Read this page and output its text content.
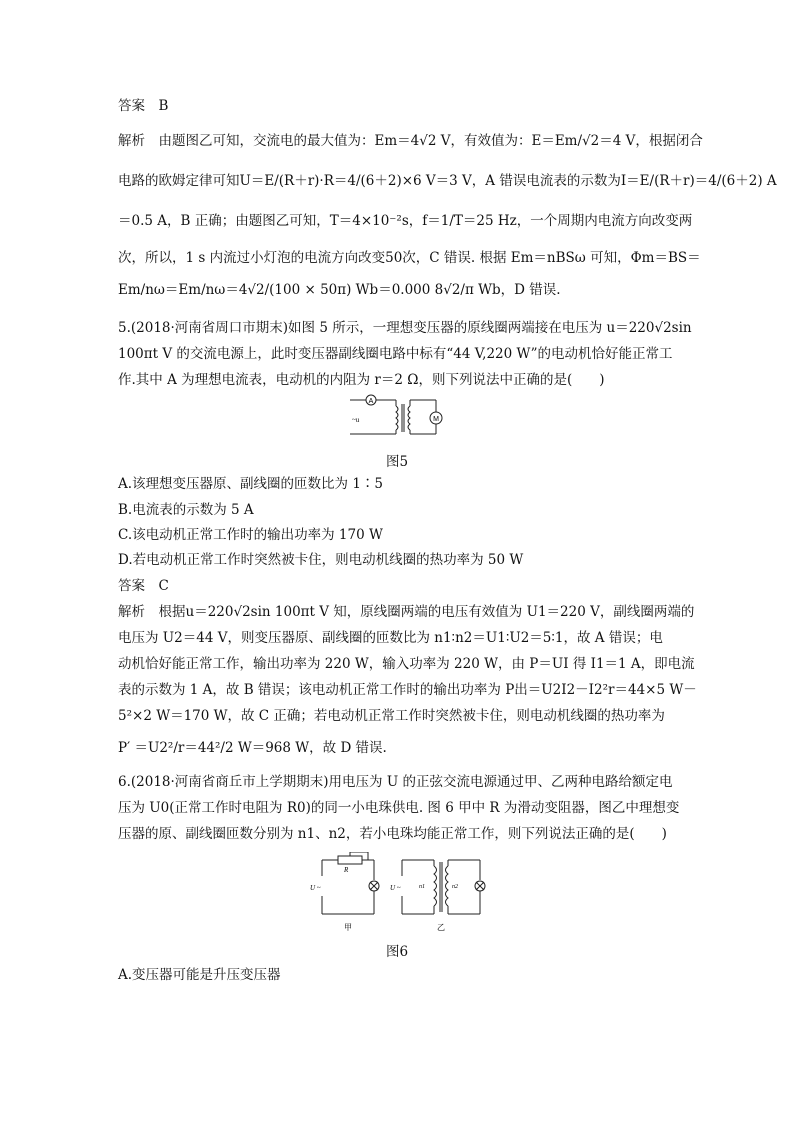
答案　B
解析　由题图乙可知，交流电的最大值为：Em＝4√2 V，有效值为：E＝Em/√2＝4 V，根据闭合
电路的欧姆定律可知U＝E/(R＋r)·R＝4/(6＋2)×6 V＝3 V，A 错误电流表的示数为I＝E/(R＋r)＝4/(6＋2) A
＝0.5 A，B 正确；由题图乙可知，T＝4×10⁻²s，f＝1/T＝25 Hz，一个周期内电流方向改变两
次，所以，1 s 内流过小灯泡的电流方向改变50次，C 错误. 根据 Em＝nBSω 可知，Φm＝BS＝
Em/nω＝Em/nω＝4√2/(100 × 50π) Wb＝0.000 8√2/π Wb，D 错误.
5.(2018·河南省周口市期末)如图 5 所示，一理想变压器的原线圈两端接在电压为 u＝220√2sin
100πt V 的交流电源上，此时变压器副线圈电路中标有“44 V,220 W”的电动机恰好能正常工
作.其中 A 为理想电流表，电动机的内阻为 r＝2 Ω，则下列说法中正确的是(　　)
A
~u	M
图5
A.该理想变压器原、副线圈的匝数比为 1∶5
B.电流表的示数为 5 A
C.该电动机正常工作时的输出功率为 170 W
D.若电动机正常工作时突然被卡住，则电动机线圈的热功率为 50 W
答案　C
解析　根据u＝220√2sin 100πt V 知，原线圈两端的电压有效值为 U1＝220 V，副线圈两端的
电压为 U2＝44 V，则变压器原、副线圈的匝数比为 n1∶n2＝U1∶U2＝5∶1，故 A 错误；电
动机恰好能正常工作，输出功率为 220 W，输入功率为 220 W，由 P＝UI 得 I1＝1 A，即电流
表的示数为 1 A，故 B 错误；该电动机正常工作时的输出功率为 P出＝U2I2－I2²r＝44×5 W－
5²×2 W＝170 W，故 C 正确；若电动机正常工作时突然被卡住，则电动机线圈的热功率为
P′ ＝U2²/r＝44²/2 W＝968 W，故 D 错误.
6.(2018·河南省商丘市上学期期末)用电压为 U 的正弦交流电源通过甲、乙两种电路给额定电
压为 U0(正常工作时电阻为 R0)的同一小电珠供电. 图 6 甲中 R 为滑动变阻器，图乙中理想变
压器的原、副线圈匝数分别为 n1、n2，若小电珠均能正常工作，则下列说法正确的是(　　)
R
U ~	U ~	n1	n2
甲	乙
图6
A.变压器可能是升压变压器
